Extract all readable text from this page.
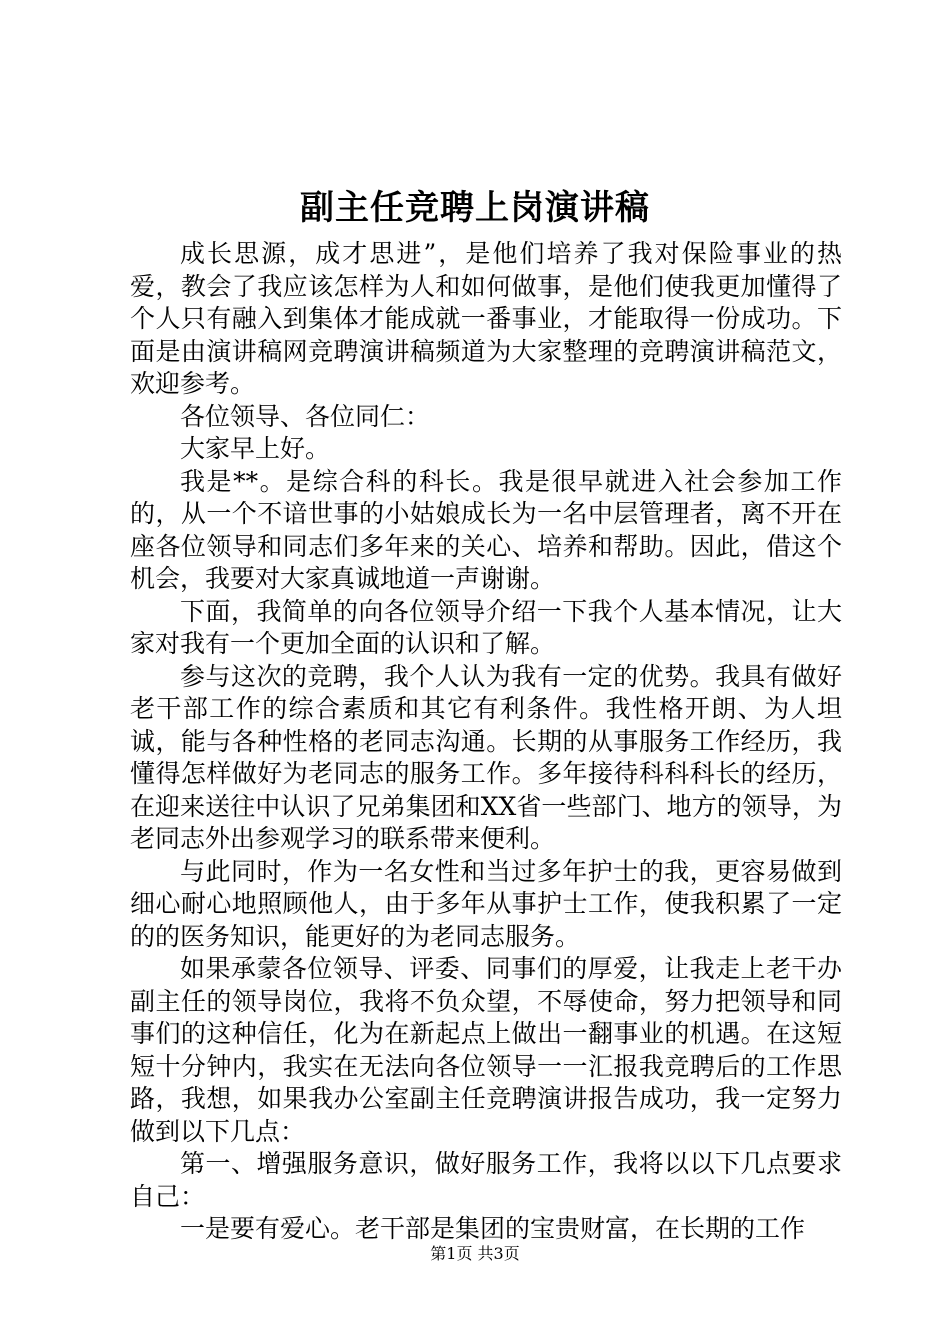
副主任竞聘上岗演讲稿

成长思源，成才思进”，是他们培养了我对保险事业的热爱，教会了我应该怎样为人和如何做事，是他们使我更加懂得了个人只有融入到集体才能成就一番事业，才能取得一份成功。下面是由演讲稿网竞聘演讲稿频道为大家整理的竞聘演讲稿范文，欢迎参考。

各位领导、各位同仁：

大家早上好。

我是**。是综合科的科长。我是很早就进入社会参加工作的，从一个不谙世事的小姑娘成长为一名中层管理者，离不开在座各位领导和同志们多年来的关心、培养和帮助。因此，借这个机会，我要对大家真诚地道一声谢谢。

下面，我简单的向各位领导介绍一下我个人基本情况，让大家对我有一个更加全面的认识和了解。

参与这次的竞聘，我个人认为我有一定的优势。我具有做好老干部工作的综合素质和其它有利条件。我性格开朗、为人坦诚，能与各种性格的老同志沟通。长期的从事服务工作经历，我懂得怎样做好为老同志的服务工作。多年接待科科科长的经历，在迎来送往中认识了兄弟集团和XX省一些部门、地方的领导，为老同志外出参观学习的联系带来便利。

与此同时，作为一名女性和当过多年护士的我，更容易做到细心耐心地照顾他人，由于多年从事护士工作，使我积累了一定的的医务知识，能更好的为老同志服务。

如果承蒙各位领导、评委、同事们的厚爱，让我走上老干办副主任的领导岗位，我将不负众望，不辱使命，努力把领导和同事们的这种信任，化为在新起点上做出一翻事业的机遇。在这短短十分钟内，我实在无法向各位领导一一汇报我竞聘后的工作思路，我想，如果我办公室副主任竞聘演讲报告成功，我一定努力做到以下几点：

第一、增强服务意识，做好服务工作，我将以以下几点要求自己：

一是要有爱心。老干部是集团的宝贵财富，在长期的工作

第1页 共3页
